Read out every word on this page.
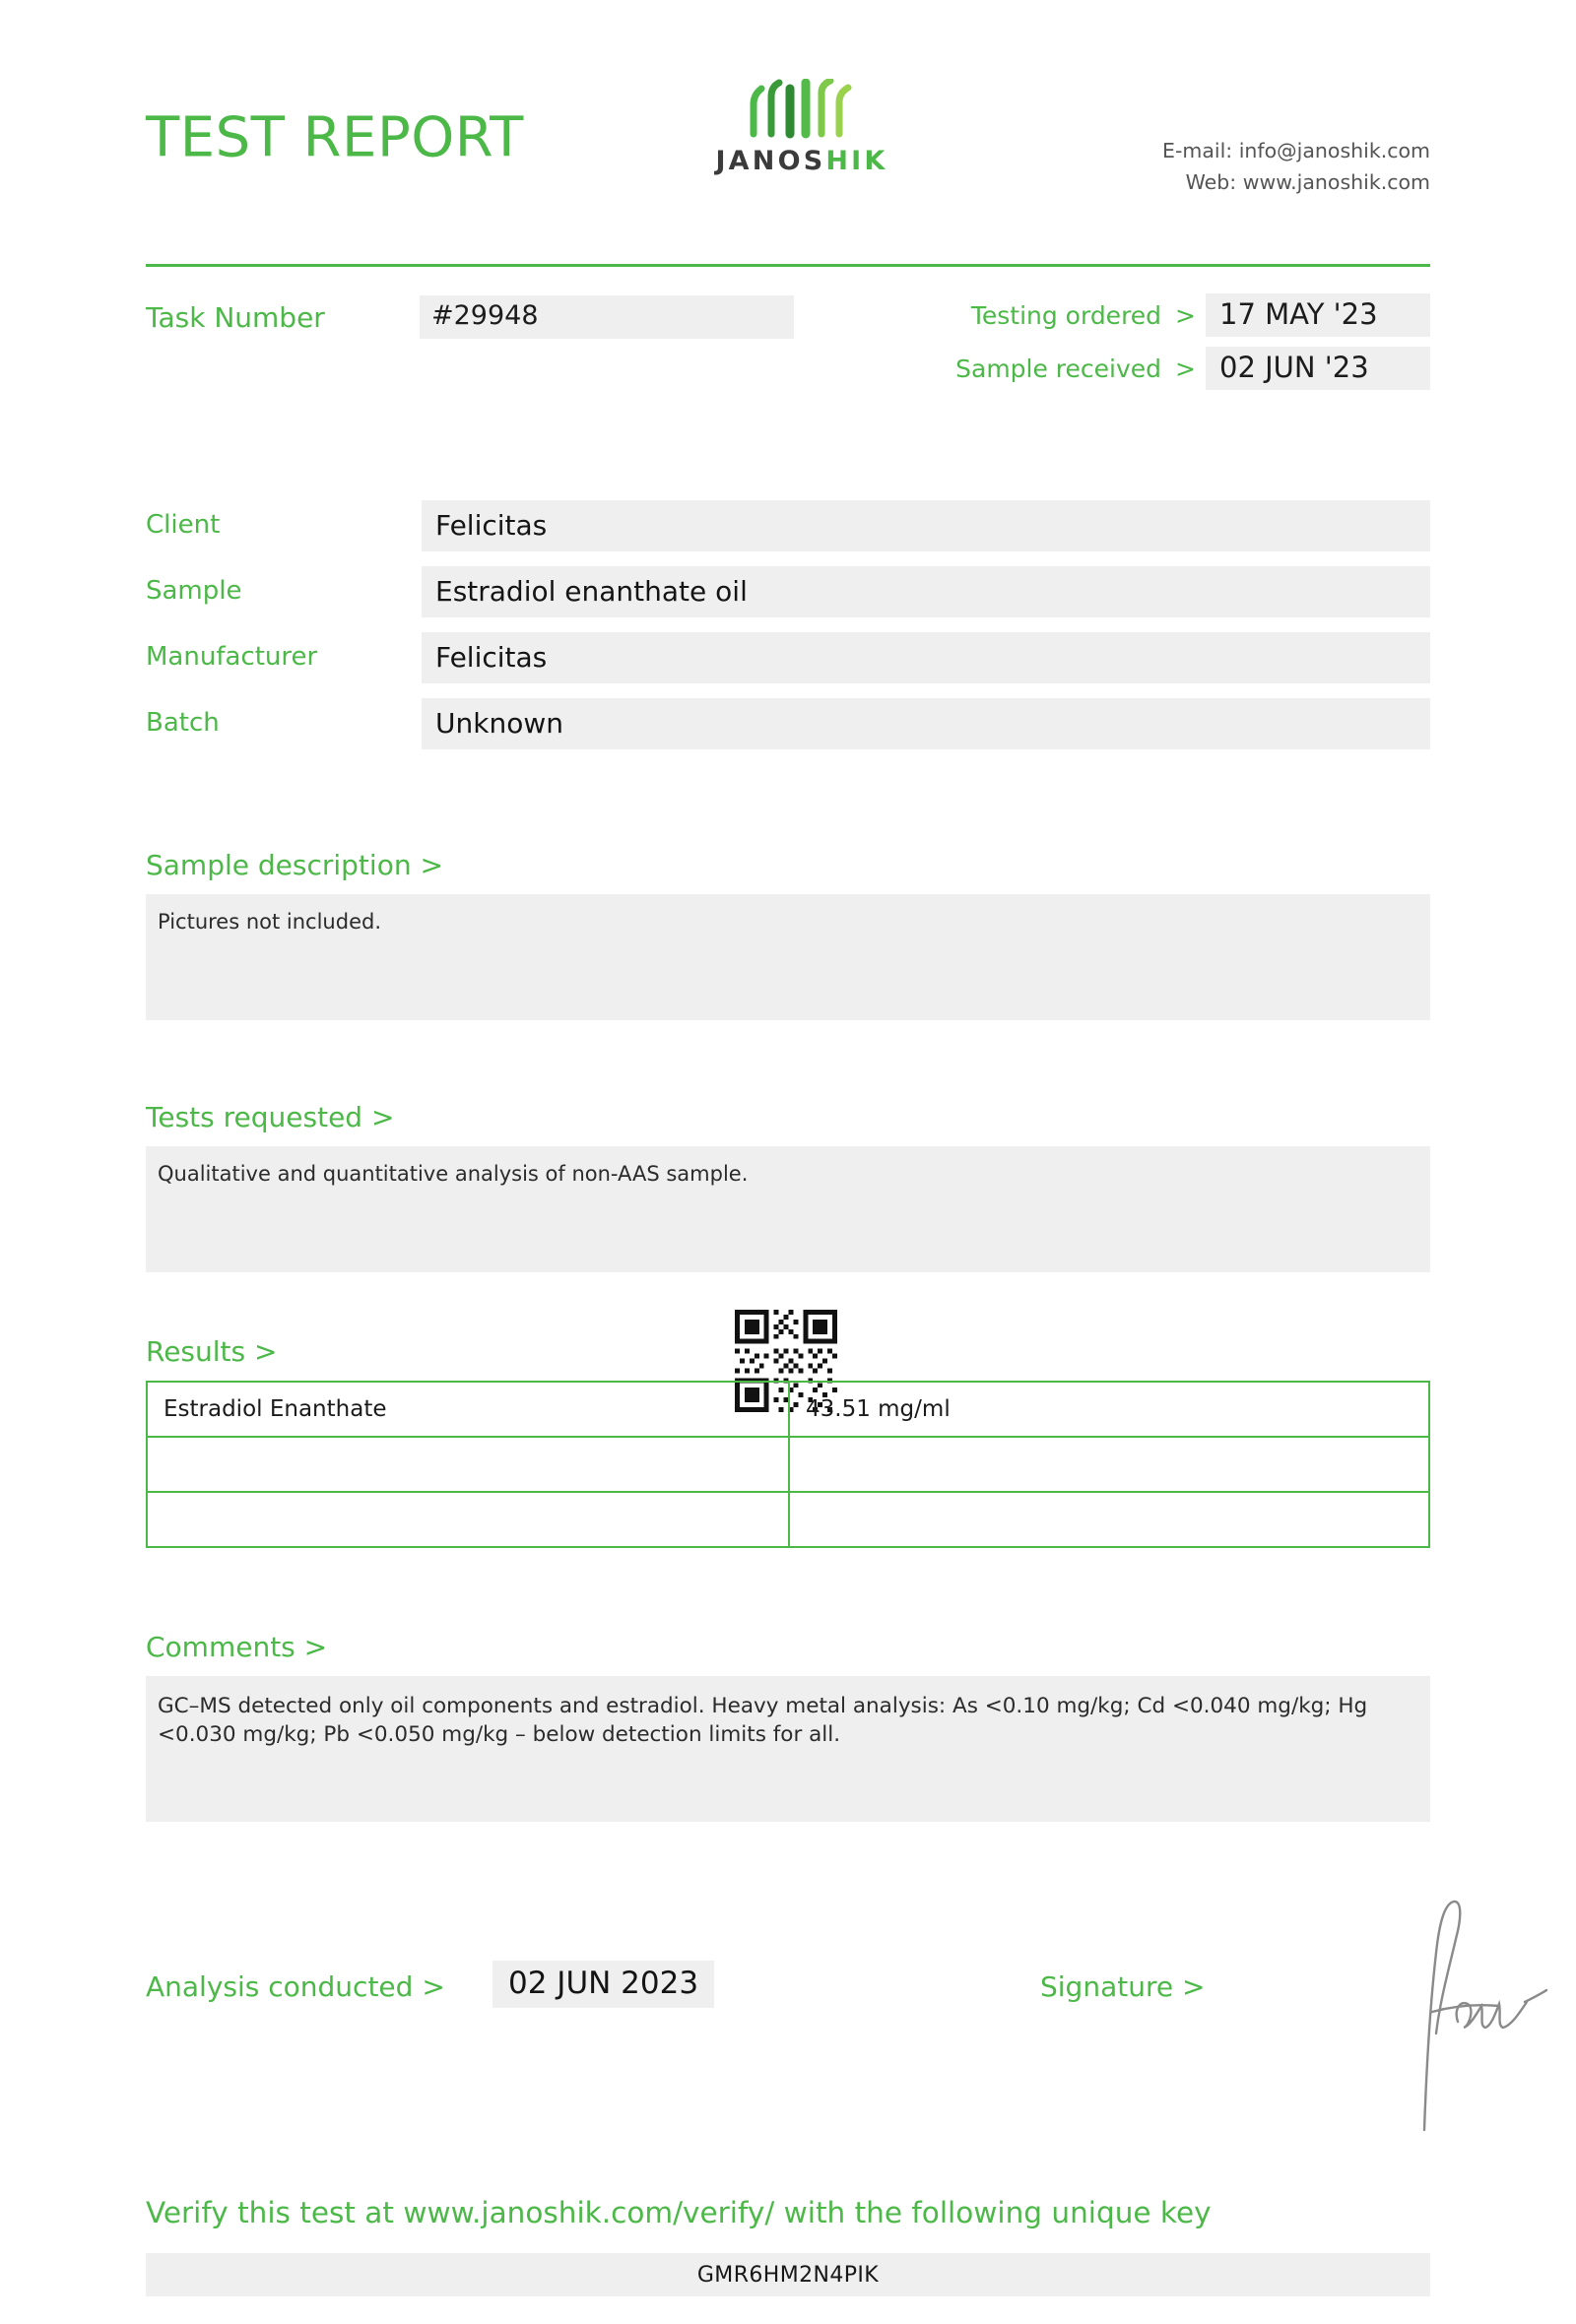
TEST REPORT	JANOSHIK	E-mail: info@janoshik.com
Web: www.janoshik.com
Task Number	#29948	Testing ordered > 17 MAY '23
Sample received > 02 JUN '23
Client	Felicitas
Sample	Estradiol enanthate oil
Manufacturer	Felicitas
Batch	Unknown
Sample description >
Pictures not included.
Tests requested >
Qualitative and quantitative analysis of non-AAS sample.
Results >
Estradiol Enanthate	43.51 mg/ml

Comments >
GC–MS detected only oil components and estradiol. Heavy metal analysis: As <0.10 mg/kg; Cd <0.040 mg/kg; Hg <0.030 mg/kg; Pb <0.050 mg/kg – below detection limits for all.
Analysis conducted >	02 JUN 2023	Signature >
Verify this test at www.janoshik.com/verify/ with the following unique key
GMR6HM2N4PIK
